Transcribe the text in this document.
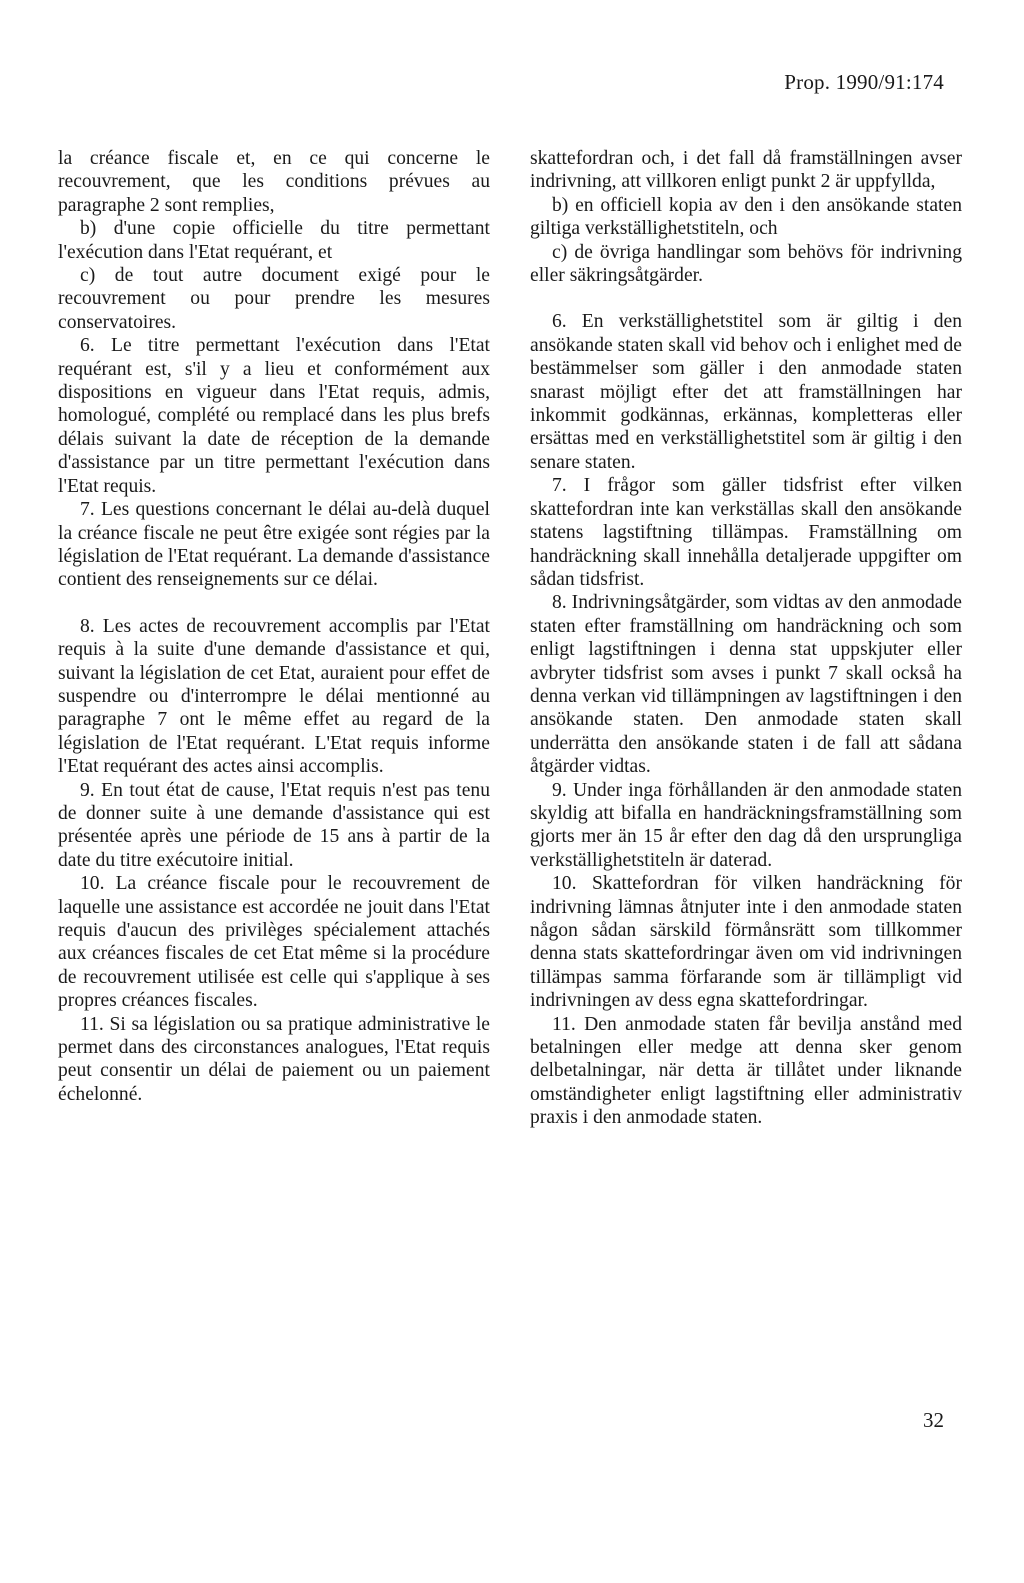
Prop. 1990/91:174

la créance fiscale et, en ce qui concerne le recouvrement, que les conditions prévues au paragraphe 2 sont remplies,

b) d'une copie officielle du titre permettant l'exécution dans l'Etat requérant, et

c) de tout autre document exigé pour le recouvrement ou pour prendre les mesures conservatoires.

6. Le titre permettant l'exécution dans l'Etat requérant est, s'il y a lieu et conformément aux dispositions en vigueur dans l'Etat requis, admis, homologué, complété ou remplacé dans les plus brefs délais suivant la date de réception de la demande d'assistance par un titre permettant l'exécution dans l'Etat requis.

7. Les questions concernant le délai au-delà duquel la créance fiscale ne peut être exigée sont régies par la législation de l'Etat requérant. La demande d'assistance contient des renseignements sur ce délai.

8. Les actes de recouvrement accomplis par l'Etat requis à la suite d'une demande d'assistance et qui, suivant la législation de cet Etat, auraient pour effet de suspendre ou d'interrompre le délai mentionné au paragraphe 7 ont le même effet au regard de la législation de l'Etat requérant. L'Etat requis informe l'Etat requérant des actes ainsi accomplis.

9. En tout état de cause, l'Etat requis n'est pas tenu de donner suite à une demande d'assistance qui est présentée après une période de 15 ans à partir de la date du titre exécutoire initial.

10. La créance fiscale pour le recouvrement de laquelle une assistance est accordée ne jouit dans l'Etat requis d'aucun des privilèges spécialement attachés aux créances fiscales de cet Etat même si la procédure de recouvrement utilisée est celle qui s'applique à ses propres créances fiscales.

11. Si sa législation ou sa pratique administrative le permet dans des circonstances analogues, l'Etat requis peut consentir un délai de paiement ou un paiement échelonné.

skattefordran och, i det fall då framställningen avser indrivning, att villkoren enligt punkt 2 är uppfyllda,

b) en officiell kopia av den i den ansökande staten giltiga verkställighetstiteln, och

c) de övriga handlingar som behövs för indrivning eller säkringsåtgärder.

6. En verkställighetstitel som är giltig i den ansökande staten skall vid behov och i enlighet med de bestämmelser som gäller i den anmodade staten snarast möjligt efter det att framställningen har inkommit godkännas, erkännas, kompletteras eller ersättas med en verkställighetstitel som är giltig i den senare staten.

7. I frågor som gäller tidsfrist efter vilken skattefordran inte kan verkställas skall den ansökande statens lagstiftning tillämpas. Framställning om handräckning skall innehålla detaljerade uppgifter om sådan tidsfrist.

8. Indrivningsåtgärder, som vidtas av den anmodade staten efter framställning om handräckning och som enligt lagstiftningen i denna stat uppskjuter eller avbryter tidsfrist som avses i punkt 7 skall också ha denna verkan vid tillämpningen av lagstiftningen i den ansökande staten. Den anmodade staten skall underrätta den ansökande staten i de fall att sådana åtgärder vidtas.

9. Under inga förhållanden är den anmodade staten skyldig att bifalla en handräckningsframställning som gjorts mer än 15 år efter den dag då den ursprungliga verkställighetstiteln är daterad.

10. Skattefordran för vilken handräckning för indrivning lämnas åtnjuter inte i den anmodade staten någon sådan särskild förmånsrätt som tillkommer denna stats skattefordringar även om vid indrivningen tillämpas samma förfarande som är tillämpligt vid indrivningen av dess egna skattefordringar.

11. Den anmodade staten får bevilja anstånd med betalningen eller medge att denna sker genom delbetalningar, när detta är tillåtet under liknande omständigheter enligt lagstiftning eller administrativ praxis i den anmodade staten.

32
